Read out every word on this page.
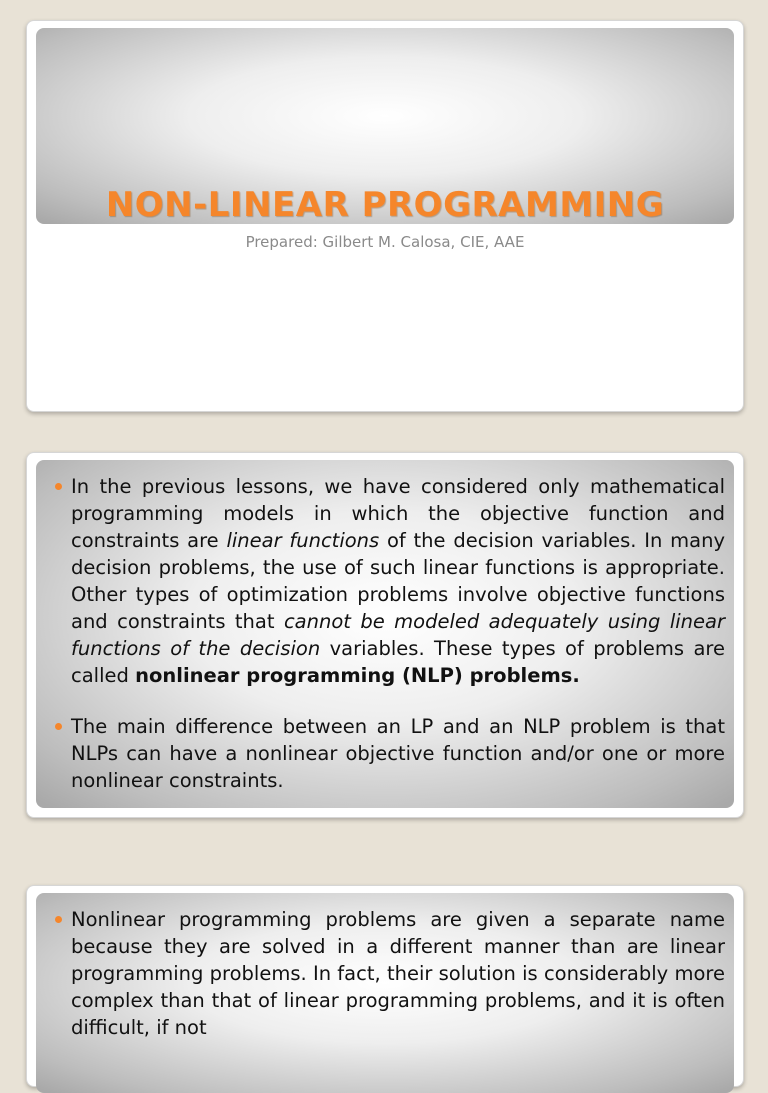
NON-LINEAR PROGRAMMING

Prepared: Gilbert M. Calosa, CIE, AAE

In the previous lessons, we have considered only mathematical programming models in which the objective function and constraints are linear functions of the decision variables. In many decision problems, the use of such linear functions is appropriate. Other types of optimization problems involve objective functions and constraints that cannot be modeled adequately using linear functions of the decision variables. These types of problems are called nonlinear programming (NLP) problems.
The main difference between an LP and an NLP problem is that NLPs can have a nonlinear objective function and/or one or more nonlinear constraints.
Nonlinear programming problems are given a separate name because they are solved in a different manner than are linear programming problems. In fact, their solution is considerably more complex than that of linear programming problems, and it is often difficult, if not
